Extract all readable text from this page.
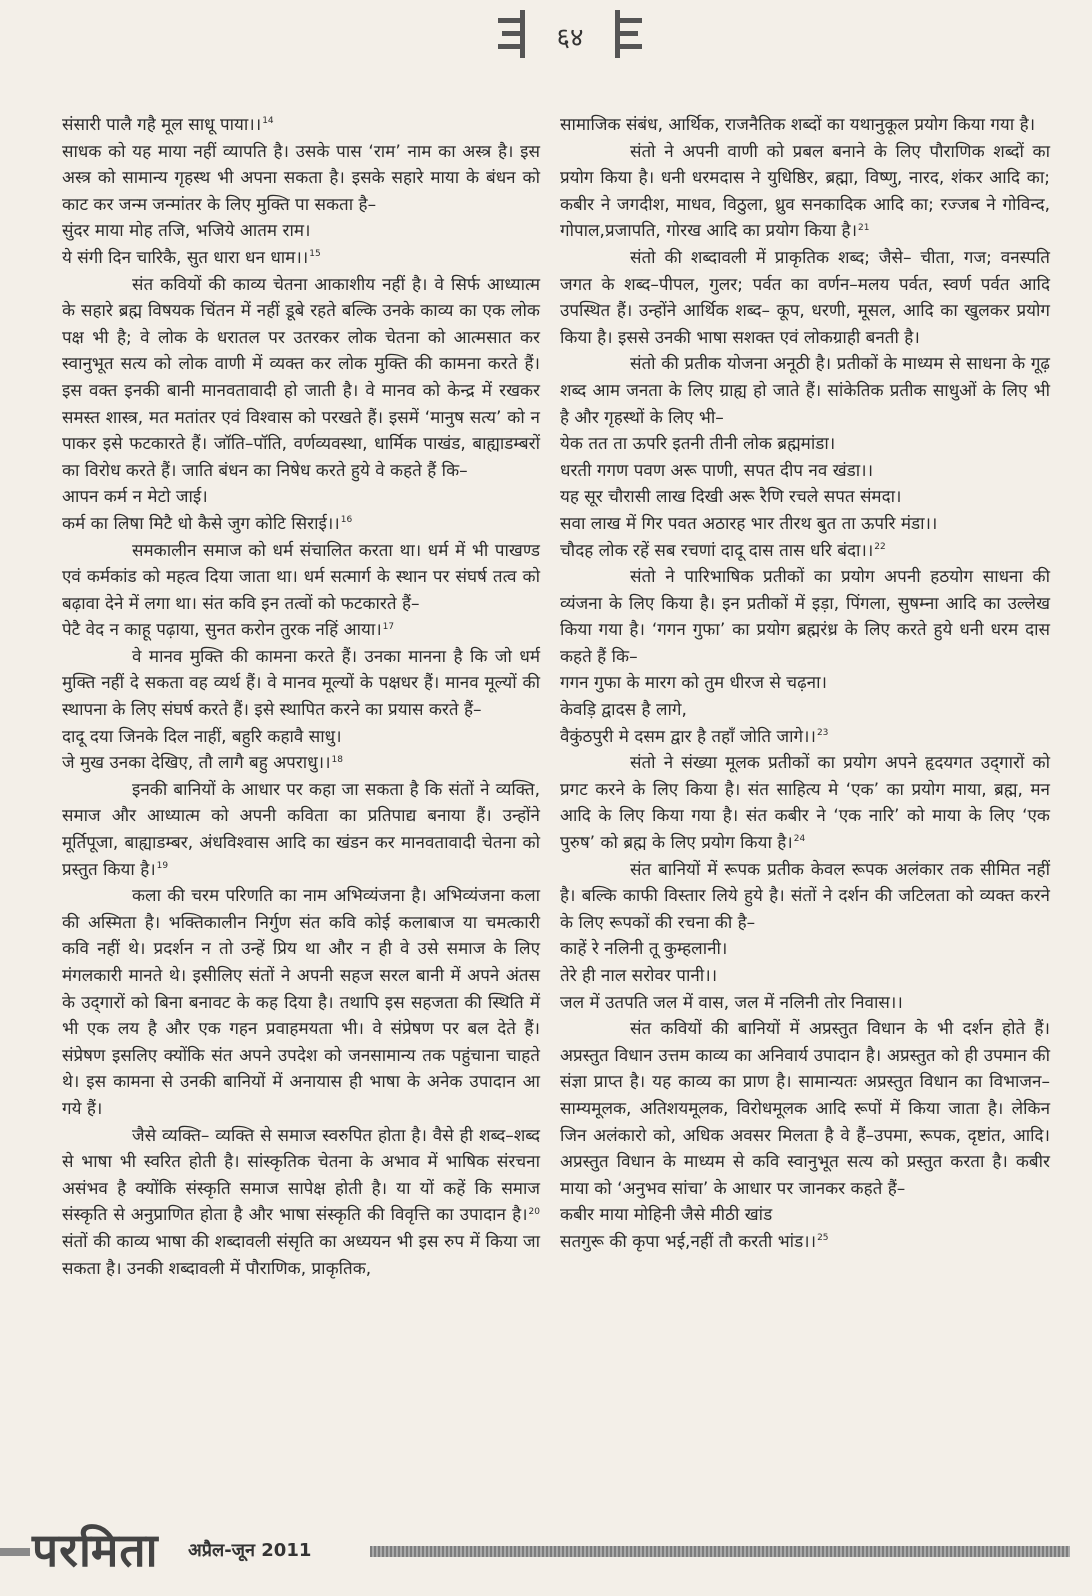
६४

संसारी पालै गहै मूल साधू पाया।।$^{14}$

साधक को यह माया नहीं व्यापति है। उसके पास ‘राम’ नाम का अस्त्र है। इस अस्त्र को सामान्य गृहस्थ भी अपना सकता है। इसके सहारे माया के बंधन को काट कर जन्म जन्मांतर के लिए मुक्ति पा सकता है–

सुंदर माया मोह तजि, भजिये आतम राम।

ये संगी दिन चारिकै, सुत धारा धन धाम।।$^{15}$

संत कवियों की काव्य चेतना आकाशीय नहीं है। वे सिर्फ आध्यात्म के सहारे ब्रह्म विषयक चिंतन में नहीं डूबे रहते बल्कि उनके काव्य का एक लोक पक्ष भी है; वे लोक के धरातल पर उतरकर लोक चेतना को आत्मसात कर स्वानुभूत सत्य को लोक वाणी में व्यक्त कर लोक मुक्ति की कामना करते हैं। इस वक्त इनकी बानी मानवतावादी हो जाती है। वे मानव को केन्द्र में रखकर समस्त शास्त्र, मत मतांतर एवं विश्वास को परखते हैं। इसमें ‘मानुष सत्य’ को न पाकर इसे फटकारते हैं। जॉति–पॉति, वर्णव्यवस्था, धार्मिक पाखंड, बाह्याडम्बरों का विरोध करते हैं। जाति बंधन का निषेध करते हुये वे कहते हैं कि–

आपन कर्म न मेटो जाई।

कर्म का लिषा मिटै धो कैसे जुग कोटि सिराई।।$^{16}$

समकालीन समाज को धर्म संचालित करता था। धर्म में भी पाखण्ड एवं कर्मकांड को महत्व दिया जाता था। धर्म सत्मार्ग के स्थान पर संघर्ष तत्व को बढ़ावा देने में लगा था। संत कवि इन तत्वों को फटकारते हैं–

पेटै वेद न काहू पढ़ाया, सुनत करोन तुरक नहिं आया।$^{17}$

वे मानव मुक्ति की कामना करते हैं। उनका मानना है कि जो धर्म मुक्ति नहीं दे सकता वह व्यर्थ हैं। वे मानव मूल्यों के पक्षधर हैं। मानव मूल्यों की स्थापना के लिए संघर्ष करते हैं। इसे स्थापित करने का प्रयास करते हैं–

दादू दया जिनके दिल नाहीं, बहुरि कहावै साधु।

जे मुख उनका देखिए, तौ लागै बहु अपराधु।।$^{18}$

इनकी बानियों के आधार पर कहा जा सकता है कि संतों ने व्यक्ति, समाज और आध्यात्म को अपनी कविता का प्रतिपाद्य बनाया हैं। उन्होंने मूर्तिपूजा, बाह्याडम्बर, अंधविश्वास आदि का खंडन कर मानवतावादी चेतना को प्रस्तुत किया है।$^{19}$

कला की चरम परिणति का नाम अभिव्यंजना है। अभिव्यंजना कला की अस्मिता है। भक्तिकालीन निर्गुण संत कवि कोई कलाबाज या चमत्कारी कवि नहीं थे। प्रदर्शन न तो उन्हें प्रिय था और न ही वे उसे समाज के लिए मंगलकारी मानते थे। इसीलिए संतों ने अपनी सहज सरल बानी में अपने अंतस के उद्‌गारों को बिना बनावट के कह दिया है। तथापि इस सहजता की स्थिति में भी एक लय है और एक गहन प्रवाहमयता भी। वे संप्रेषण पर बल देते हैं। संप्रेषण इसलिए क्योंकि संत अपने उपदेश को जनसामान्य तक पहुंचाना चाहते थे। इस कामना से उनकी बानियों में अनायास ही भाषा के अनेक उपादान आ गये हैं।

जैसे व्यक्ति– व्यक्ति से समाज स्वरुपित होता है। वैसे ही शब्द–शब्द से भाषा भी स्वरित होती है। सांस्कृतिक चेतना के अभाव में भाषिक संरचना असंभव है क्योंकि संस्कृति समाज सापेक्ष होती है। या यों कहें कि समाज संस्कृति से अनुप्राणित होता है और भाषा संस्कृति की विवृत्ति का उपादान है।$^{20}$ संतों की काव्य भाषा की शब्दावली संसृति का अध्ययन भी इस रुप में किया जा सकता है। उनकी शब्दावली में पौराणिक, प्राकृतिक,

सामाजिक संबंध, आर्थिक, राजनैतिक शब्दों का यथानुकूल प्रयोग किया गया है।

संतो ने अपनी वाणी को प्रबल बनाने के लिए पौराणिक शब्दों का प्रयोग किया है। धनी धरमदास ने युधिष्ठिर, ब्रह्मा, विष्णु, नारद, शंकर आदि का; कबीर ने जगदीश, माधव, विठुला, ध्रुव सनकादिक आदि का; रज्जब ने गोविन्द, गोपाल,प्रजापति, गोरख आदि का प्रयोग किया है।$^{21}$

संतो की शब्दावली में प्राकृतिक शब्द; जैसे– चीता, गज; वनस्पति जगत के शब्द–पीपल, गुलर; पर्वत का वर्णन–मलय पर्वत, स्वर्ण पर्वत आदि उपस्थित हैं। उन्होंने आर्थिक शब्द– कूप, धरणी, मूसल, आदि का खुलकर प्रयोग किया है। इससे उनकी भाषा सशक्त एवं लोकग्राही बनती है।

संतो की प्रतीक योजना अनूठी है। प्रतीकों के माध्यम से साधना के गूढ़ शब्द आम जनता के लिए ग्राह्य हो जाते हैं। सांकेतिक प्रतीक साधुओं के लिए भी है और गृहस्थों के लिए भी–

येक तत ता ऊपरि इतनी तीनी लोक ब्रह्ममांडा।

धरती गगण पवण अरू पाणी, सपत दीप नव खंडा।।

यह सूर चौरासी लाख दिखी अरू रैणि रचले सपत संमदा।

सवा लाख में गिर पवत अठारह भार तीरथ बुत ता ऊपरि मंडा।।

चौदह लोक रहें सब रचणां दादू दास तास धरि बंदा।।$^{22}$

संतो ने पारिभाषिक प्रतीकों का प्रयोग अपनी हठयोग साधना की व्यंजना के लिए किया है। इन प्रतीकों में इड़ा, पिंगला, सुषम्ना आदि का उल्लेख किया गया है। ‘गगन गुफा’ का प्रयोग ब्रह्मरंध्र के लिए करते हुये धनी धरम दास कहते हैं कि–

गगन गुफा के मारग को तुम धीरज से चढ़ना।

केवड़ि द्वादस है लागे,

वैकुंठपुरी मे दसम द्वार है तहाँ जोति जागे।।$^{23}$

संतो ने संख्या मूलक प्रतीकों का प्रयोग अपने हृदयगत उद्‌गारों को प्रगट करने के लिए किया है। संत साहित्य मे ‘एक’ का प्रयोग माया, ब्रह्म, मन आदि के लिए किया गया है। संत कबीर ने ‘एक नारि’ को माया के लिए ‘एक पुरुष’ को ब्रह्म के लिए प्रयोग किया है।$^{24}$

संत बानियों में रूपक प्रतीक केवल रूपक अलंकार तक सीमित नहीं है। बल्कि काफी विस्तार लिये हुये है। संतों ने दर्शन की जटिलता को व्यक्त करने के लिए रूपकों की रचना की है–

काहें रे नलिनी तू कुम्हलानी।

तेरे ही नाल सरोवर पानी।।

जल में उतपति जल में वास, जल में नलिनी तोर निवास।।

संत कवियों की बानियों में अप्रस्तुत विधान के भी दर्शन होते हैं। अप्रस्तुत विधान उत्तम काव्य का अनिवार्य उपादान है। अप्रस्तुत को ही उपमान की संज्ञा प्राप्त है। यह काव्य का प्राण है। सामान्यतः अप्रस्तुत विधान का विभाजन–साम्यमूलक, अतिशयमूलक, विरोधमूलक आदि रूपों में किया जाता है। लेकिन जिन अलंकारो को, अधिक अवसर मिलता है वे हैं–उपमा, रूपक, दृष्टांत, आदि। अप्रस्तुत विधान के माध्यम से कवि स्वानुभूत सत्य को प्रस्तुत करता है। कबीर माया को ‘अनुभव सांचा’ के आधार पर जानकर कहते हैं–

कबीर माया मोहिनी जैसे मीठी खांड

सतगुरू की कृपा भई,नहीं तौ करती भांड।।$^{25}$

परमिता अप्रैल-जून 2011
